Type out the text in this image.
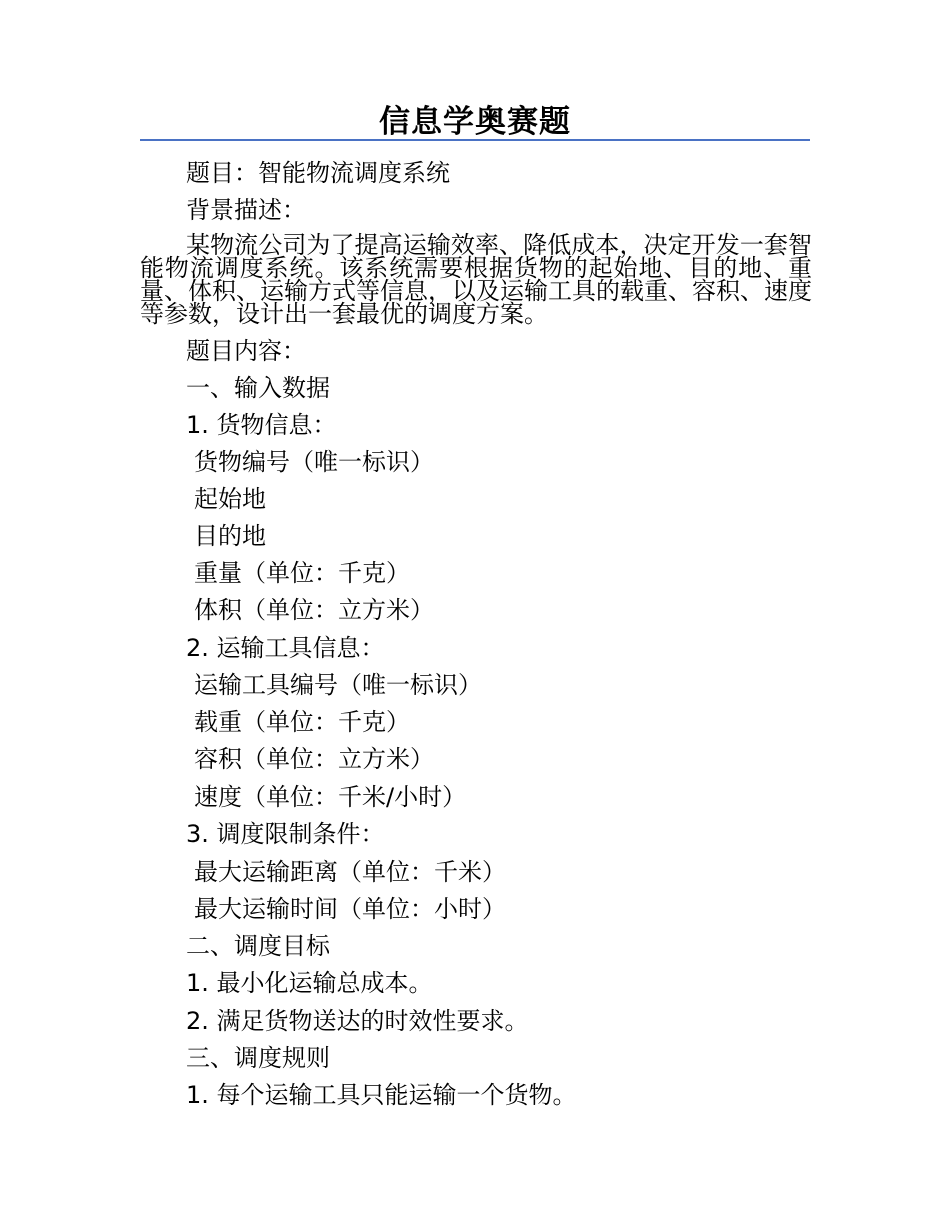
信息学奥赛题
题目：智能物流调度系统
背景描述：
某物流公司为了提高运输效率、降低成本，决定开发一套智能物流调度系统。该系统需要根据货物的起始地、目的地、重量、体积、运输方式等信息，以及运输工具的载重、容积、速度等参数，设计出一套最优的调度方案。
题目内容：
一、输入数据
1. 货物信息：
货物编号（唯一标识）
起始地
目的地
重量（单位：千克）
体积（单位：立方米）
2. 运输工具信息：
运输工具编号（唯一标识）
载重（单位：千克）
容积（单位：立方米）
速度（单位：千米/小时）
3. 调度限制条件：
最大运输距离（单位：千米）
最大运输时间（单位：小时）
二、调度目标
1. 最小化运输总成本。
2. 满足货物送达的时效性要求。
三、调度规则
1. 每个运输工具只能运输一个货物。
